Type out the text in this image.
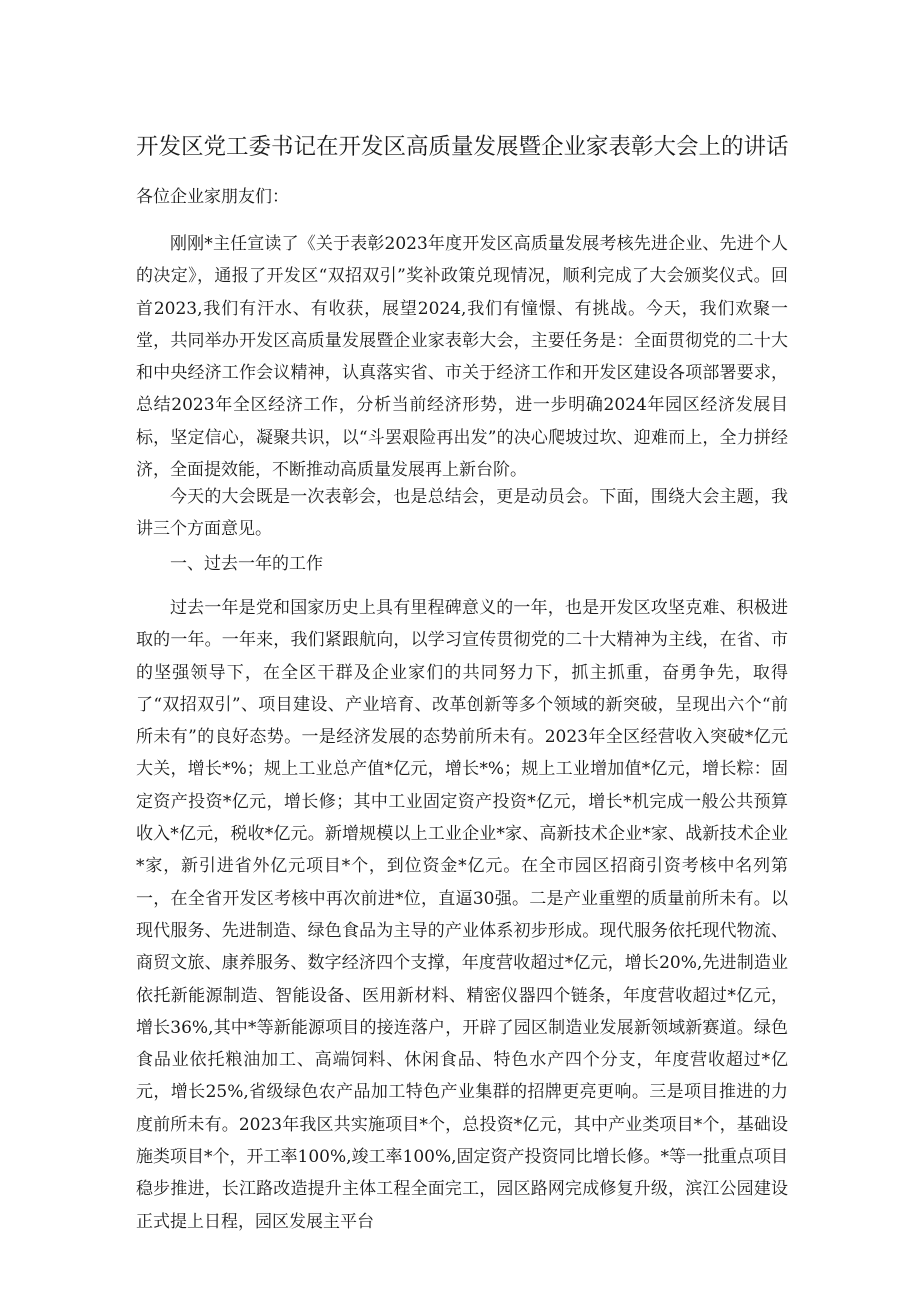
开发区党工委书记在开发区高质量发展暨企业家表彰大会上的讲话

各位企业家朋友们：

刚刚*主任宣读了《关于表彰2023年度开发区高质量发展考核先进企业、先进个人的决定》，通报了开发区“双招双引”奖补政策兑现情况，顺利完成了大会颁奖仪式。回首2023,我们有汗水、有收获，展望2024,我们有憧憬、有挑战。今天，我们欢聚一堂，共同举办开发区高质量发展暨企业家表彰大会，主要任务是：全面贯彻党的二十大和中央经济工作会议精神，认真落实省、市关于经济工作和开发区建设各项部署要求，总结2023年全区经济工作，分析当前经济形势，进一步明确2024年园区经济发展目标，坚定信心，凝聚共识，以“斗罢艰险再出发”的决心爬坡过坎、迎难而上，全力拼经济，全面提效能，不断推动高质量发展再上新台阶。

今天的大会既是一次表彰会，也是总结会，更是动员会。下面，围绕大会主题，我讲三个方面意见。

一、过去一年的工作

过去一年是党和国家历史上具有里程碑意义的一年，也是开发区攻坚克难、积极进取的一年。一年来，我们紧跟航向，以学习宣传贯彻党的二十大精神为主线，在省、市的坚强领导下，在全区干群及企业家们的共同努力下，抓主抓重，奋勇争先，取得了“双招双引”、项目建设、产业培育、改革创新等多个领域的新突破，呈现出六个“前所未有”的良好态势。一是经济发展的态势前所未有。2023年全区经营收入突破*亿元大关，增长*%；规上工业总产值*亿元，增长*%；规上工业增加值*亿元，增长粽：固定资产投资*亿元，增长修；其中工业固定资产投资*亿元，增长*机完成一般公共预算收入*亿元，税收*亿元。新增规模以上工业企业*家、高新技术企业*家、战新技术企业*家，新引进省外亿元项目*个，到位资金*亿元。在全市园区招商引资考核中名列第一，在全省开发区考核中再次前进*位，直逼30强。二是产业重塑的质量前所未有。以现代服务、先进制造、绿色食品为主导的产业体系初步形成。现代服务依托现代物流、商贸文旅、康养服务、数字经济四个支撑，年度营收超过*亿元，增长20%,先进制造业依托新能源制造、智能设备、医用新材料、精密仪器四个链条，年度营收超过*亿元，增长36%,其中*等新能源项目的接连落户，开辟了园区制造业发展新领域新赛道。绿色食品业依托粮油加工、高端饲料、休闲食品、特色水产四个分支，年度营收超过*亿元，增长25%,省级绿色农产品加工特色产业集群的招牌更亮更响。三是项目推进的力度前所未有。2023年我区共实施项目*个，总投资*亿元，其中产业类项目*个，基础设施类项目*个，开工率100%,竣工率100%,固定资产投资同比增长修。*等一批重点项目稳步推进，长江路改造提升主体工程全面完工，园区路网完成修复升级，滨江公园建设正式提上日程，园区发展主平台
